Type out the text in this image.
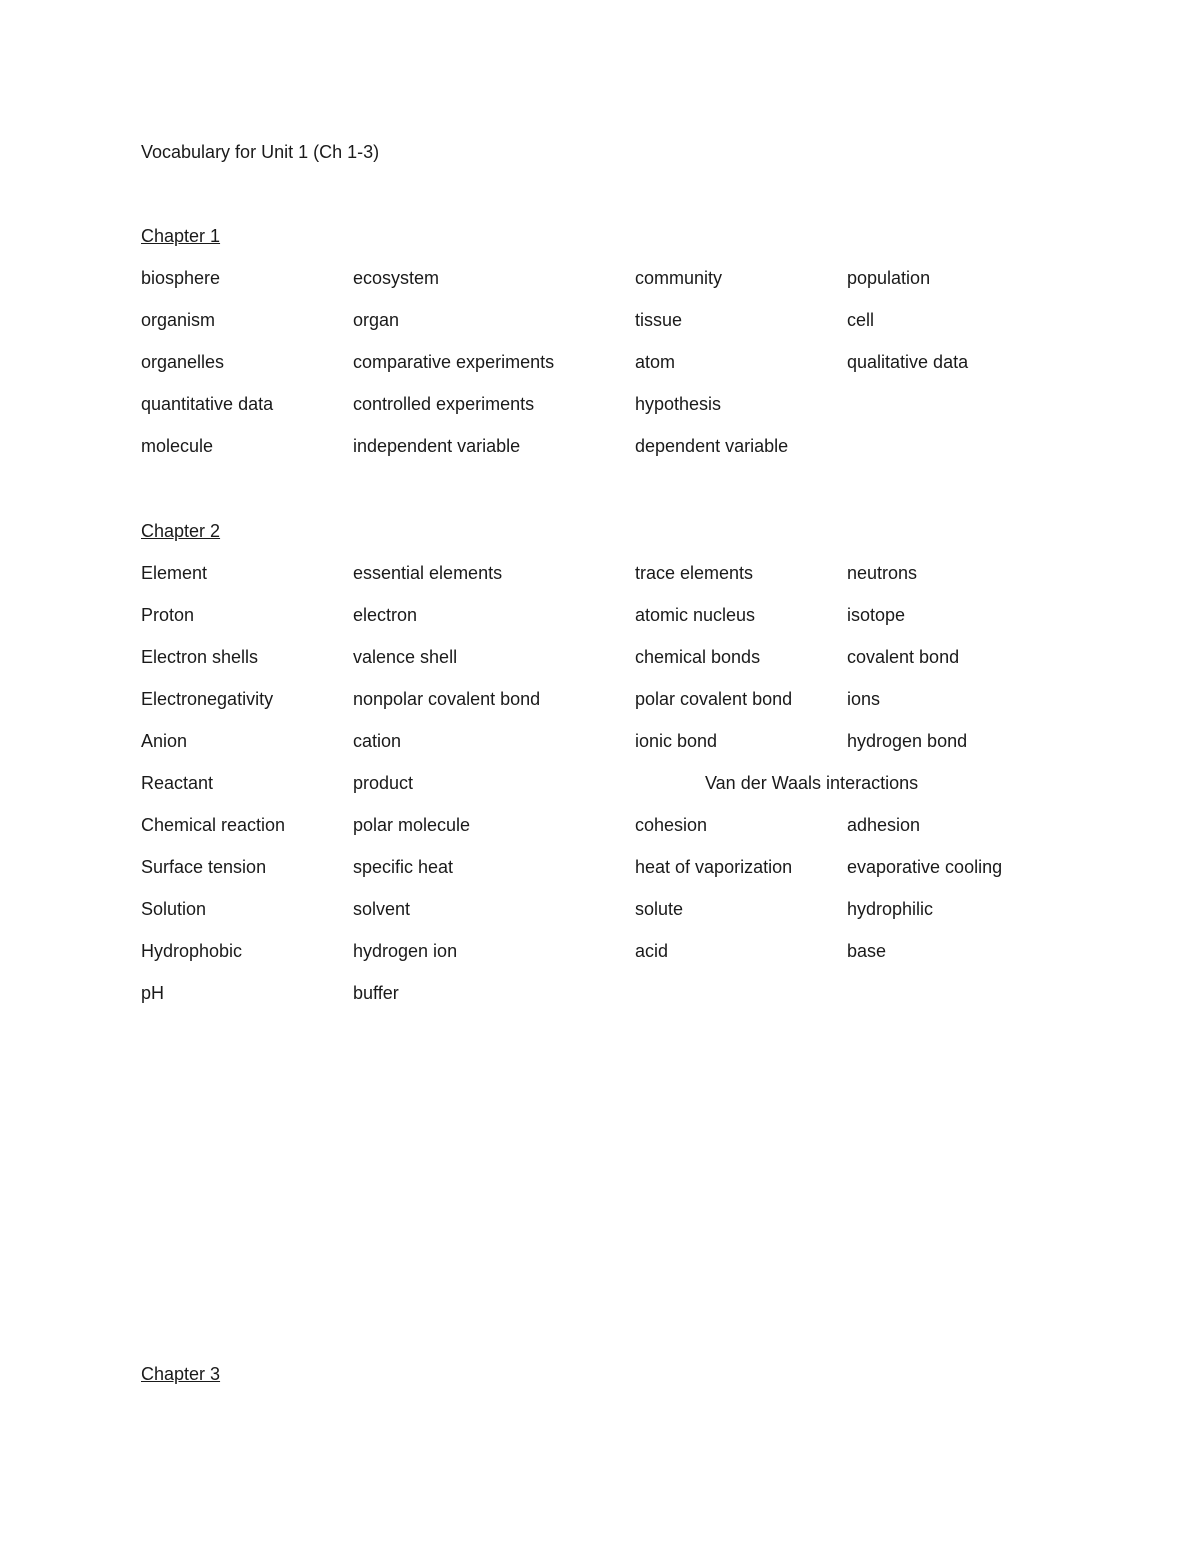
Vocabulary for Unit 1 (Ch 1-3)
Chapter 1
biosphere	ecosystem	community	population
organism	organ	tissue	cell
organelles	comparative experiments	atom	qualitative data
quantitative data	controlled experiments	hypothesis
molecule	independent variable	dependent variable
Chapter 2
Element	essential elements	trace elements	neutrons
Proton	electron	atomic nucleus	isotope
Electron shells	valence shell	chemical bonds	covalent bond
Electronegativity	nonpolar covalent bond	polar covalent bond	ions
Anion	cation	ionic bond	hydrogen bond
Reactant	product	Van der Waals interactions
Chemical reaction	polar molecule	cohesion	adhesion
Surface tension	specific heat	heat of vaporization	evaporative cooling
Solution	solvent	solute	hydrophilic
Hydrophobic	hydrogen ion	acid	base
pH	buffer
Chapter 3
